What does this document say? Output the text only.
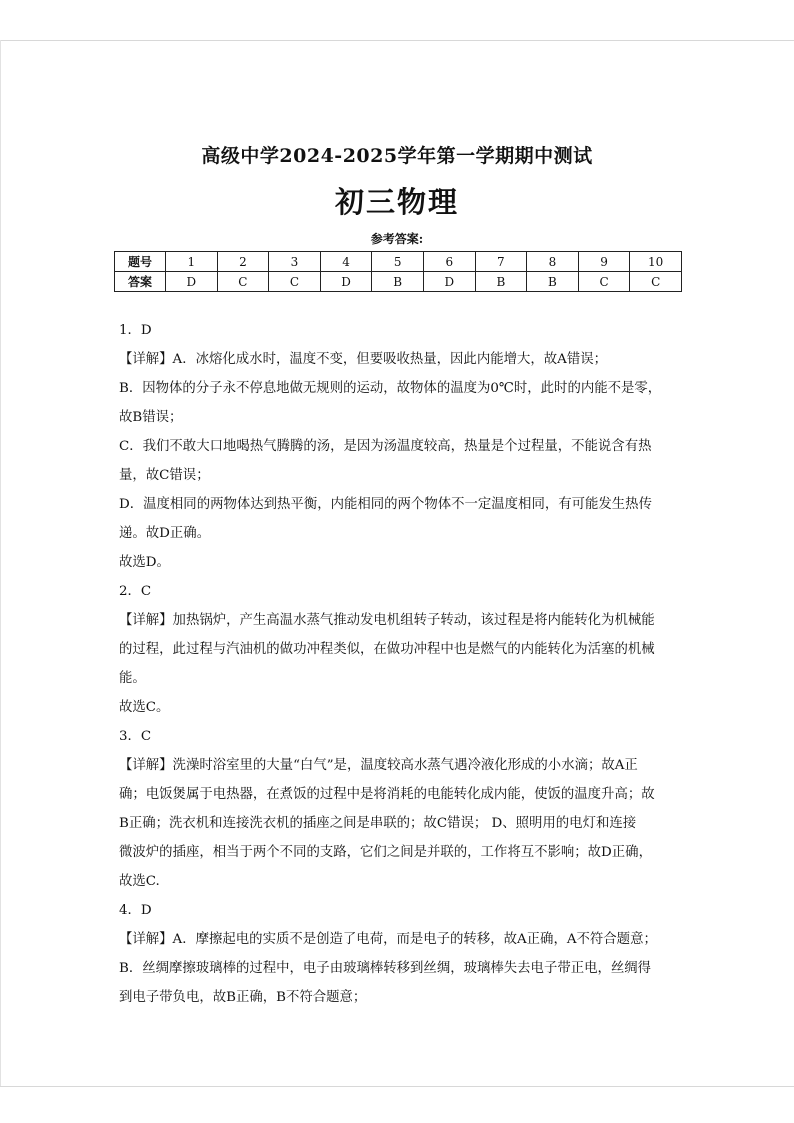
高级中学2024-2025学年第一学期期中测试
初三物理
参考答案:
题号	1	2	3	4	5	6	7	8	9	10
答案	D	C	C	D	B	D	B	B	C	C

1．D

【详解】A．冰熔化成水时，温度不变，但要吸收热量，因此内能增大，故A错误；

B．因物体的分子永不停息地做无规则的运动，故物体的温度为0℃时，此时的内能不是零，

故B错误；

C．我们不敢大口地喝热气腾腾的汤，是因为汤温度较高，热量是个过程量，不能说含有热

量，故C错误；

D．温度相同的两物体达到热平衡，内能相同的两个物体不一定温度相同，有可能发生热传

递。故D正确。

故选D。

2．C

【详解】加热锅炉，产生高温水蒸气推动发电机组转子转动，该过程是将内能转化为机械能

的过程，此过程与汽油机的做功冲程类似，在做功冲程中也是燃气的内能转化为活塞的机械

能。

故选C。

3．C

【详解】洗澡时浴室里的大量“白气”是，温度较高水蒸气遇冷液化形成的小水滴；故A正

确；电饭煲属于电热器，在煮饭的过程中是将消耗的电能转化成内能，使饭的温度升高；故

B正确；洗衣机和连接洗衣机的插座之间是串联的；故C错误； D、照明用的电灯和连接

微波炉的插座，相当于两个不同的支路，它们之间是并联的，工作将互不影响；故D正确，

故选C.

4．D

【详解】A．摩擦起电的实质不是创造了电荷，而是电子的转移，故A正确，A不符合题意；

B．丝绸摩擦玻璃棒的过程中，电子由玻璃棒转移到丝绸，玻璃棒失去电子带正电，丝绸得

到电子带负电，故B正确，B不符合题意；
